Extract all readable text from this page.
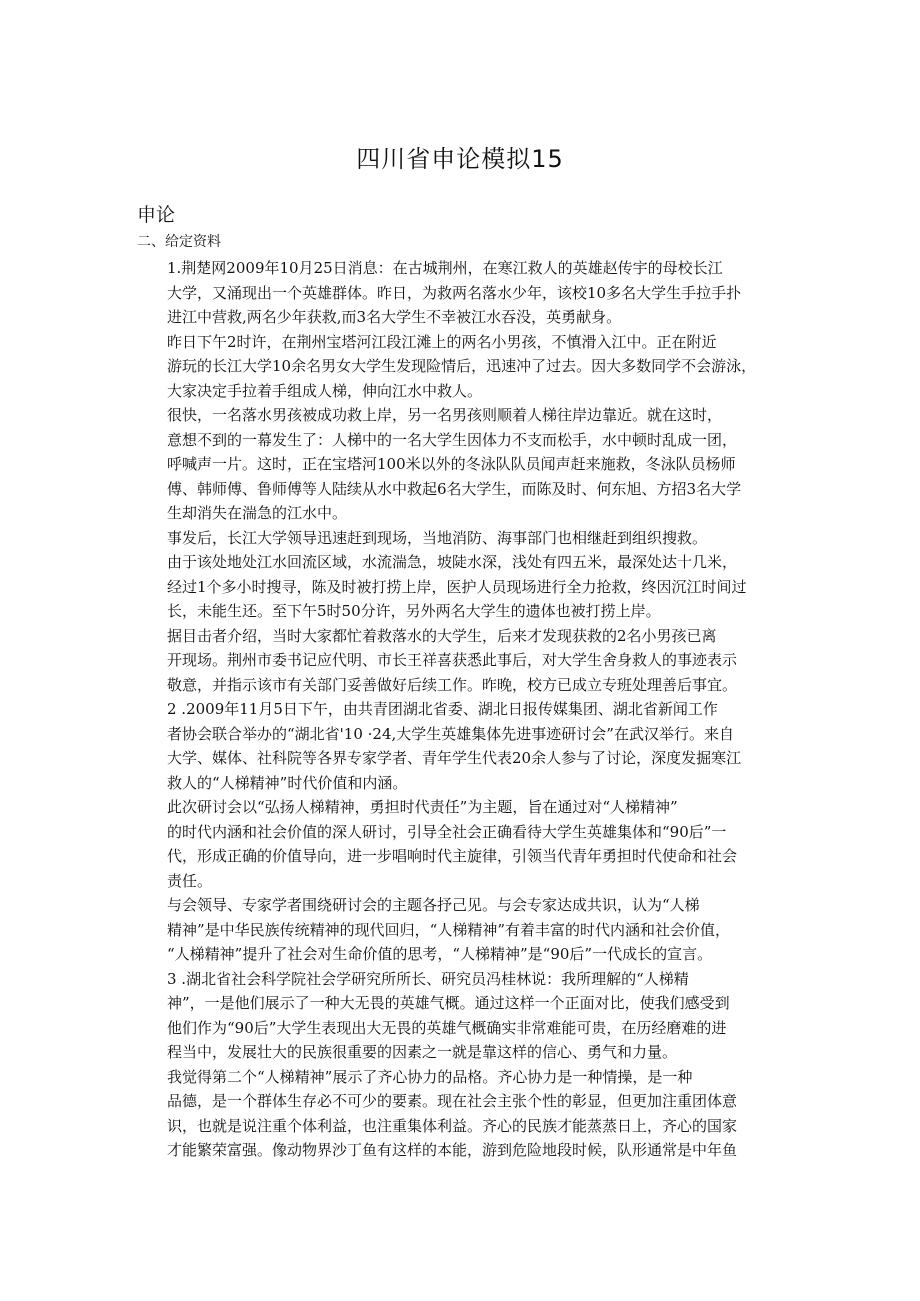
四川省申论模拟15
申论
二、给定资料

1.荆楚网2009年10月25日消息：在古城荆州，在寒江救人的英雄赵传宇的母校长江
大学，又涌现出一个英雄群体。昨日，为救两名落水少年，该校10多名大学生手拉手扑
进江中营救,两名少年获救,而3名大学生不幸被江水吞没，英勇献身。

昨日下午2时许，在荆州宝塔河江段江滩上的两名小男孩，不慎滑入江中。正在附近
游玩的长江大学10余名男女大学生发现险情后，迅速冲了过去。因大多数同学不会游泳，
大家决定手拉着手组成人梯，伸向江水中救人。

很快，一名落水男孩被成功救上岸，另一名男孩则顺着人梯往岸边靠近。就在这时，
意想不到的一幕发生了：人梯中的一名大学生因体力不支而松手，水中顿时乱成一团，
呼喊声一片。这时，正在宝塔河100米以外的冬泳队队员闻声赶来施救，冬泳队员杨师
傅、韩师傅、鲁师傅等人陆续从水中救起6名大学生，而陈及时、何东旭、方招3名大学
生却消失在湍急的江水中。

事发后，长江大学领导迅速赶到现场，当地消防、海事部门也相继赶到组织搜救。
由于该处地处江水回流区域，水流湍急，坡陡水深，浅处有四五米，最深处达十几米，
经过1个多小时搜寻，陈及时被打捞上岸，医护人员现场进行全力抢救，终因沉江时间过
长，未能生还。至下午5时50分许，另外两名大学生的遗体也被打捞上岸。

据目击者介绍，当时大家都忙着救落水的大学生，后来才发现获救的2名小男孩已离
开现场。荆州市委书记应代明、市长王祥喜获悉此事后，对大学生舍身救人的事迹表示
敬意，并指示该市有关部门妥善做好后续工作。昨晚，校方已成立专班处理善后事宜。

2 .2009年11月5日下午，由共青团湖北省委、湖北日报传媒集团、湖北省新闻工作
者协会联合举办的“湖北省'10 ·24,大学生英雄集体先进事迹研讨会”在武汉举行。来自
大学、媒体、社科院等各界专家学者、青年学生代表20余人参与了讨论，深度发掘寒江
救人的“人梯精神”时代价值和内涵。

此次研讨会以“弘扬人梯精神，勇担时代责任”为主题，旨在通过对“人梯精神”
的时代内涵和社会价值的深人研讨，引导全社会正确看待大学生英雄集体和“90后”一
代，形成正确的价值导向，进一步唱响时代主旋律，引领当代青年勇担时代使命和社会
责任。

与会领导、专家学者围绕研讨会的主题各抒己见。与会专家达成共识，认为“人梯
精神”是中华民族传统精神的现代回归，“人梯精神”有着丰富的时代内涵和社会价值，
“人梯精神”提升了社会对生命价值的思考，“人梯精神”是“90后”一代成长的宣言。

3 .湖北省社会科学院社会学研究所所长、研究员冯桂林说：我所理解的“人梯精
神”，一是他们展示了一种大无畏的英雄气概。通过这样一个正面对比，使我们感受到
他们作为“90后”大学生表现出大无畏的英雄气概确实非常难能可贵，在历经磨难的进
程当中，发展壮大的民族很重要的因素之一就是靠这样的信心、勇气和力量。

我觉得第二个“人梯精神”展示了齐心协力的品格。齐心协力是一种情操，是一种
品德，是一个群体生存必不可少的要素。现在社会主张个性的彰显，但更加注重团体意
识，也就是说注重个体利益，也注重集体利益。齐心的民族才能蒸蒸日上，齐心的国家
才能繁荣富强。像动物界沙丁鱼有这样的本能，游到危险地段时候，队形通常是中年鱼
